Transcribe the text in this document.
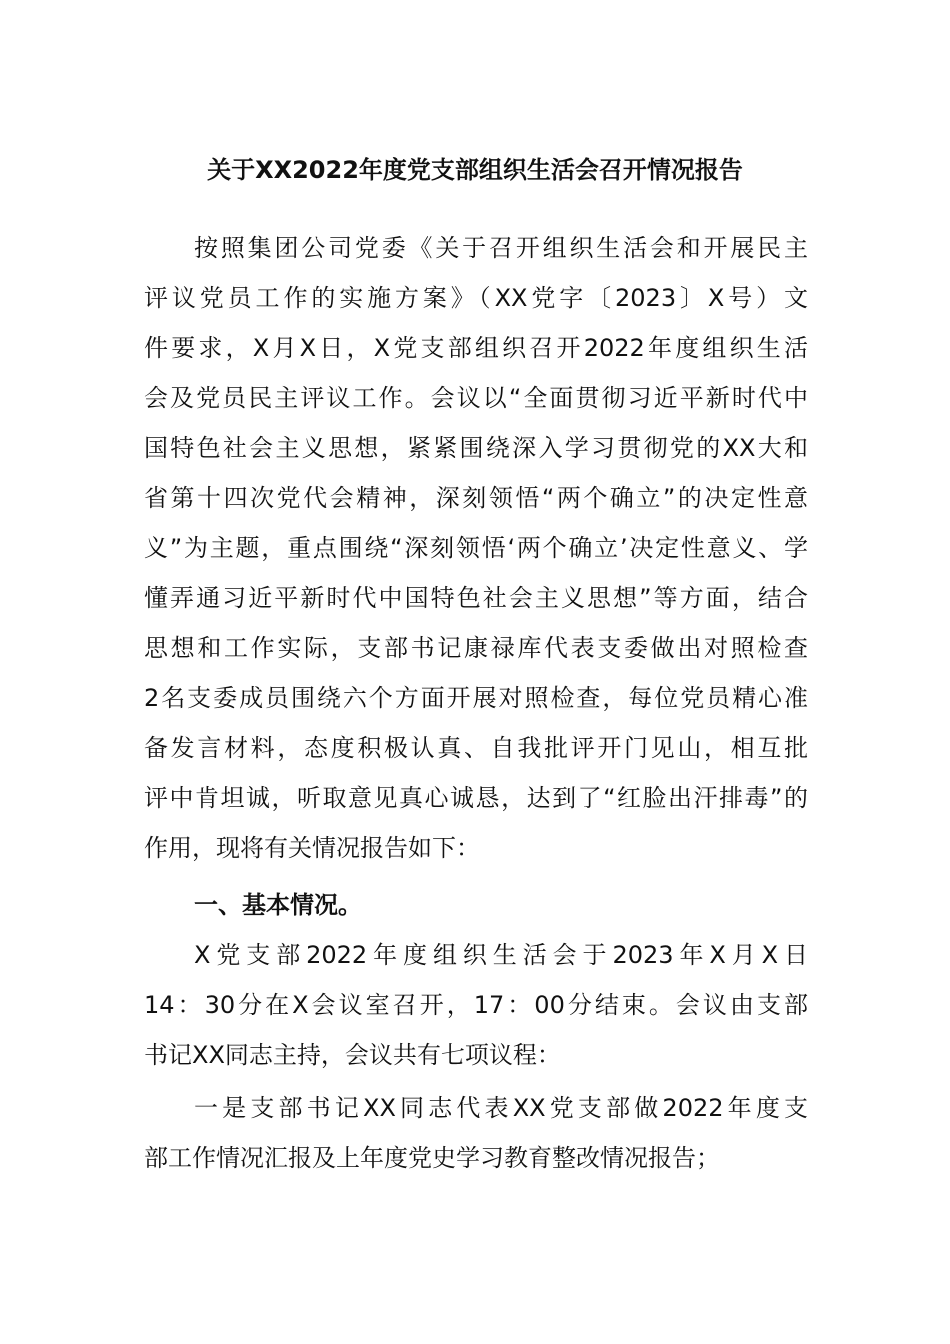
关于XX2022年度党支部组织生活会召开情况报告
按照集团公司党委《关于召开组织生活会和开展民主
评议党员工作的实施方案》（XX党字〔2023〕X号）文
件要求，X月X日，X党支部组织召开2022年度组织生活
会及党员民主评议工作。会议以“全面贯彻习近平新时代中
国特色社会主义思想，紧紧围绕深入学习贯彻党的XX大和
省第十四次党代会精神，深刻领悟“两个确立”的决定性意
义”为主题，重点围绕“深刻领悟‘两个确立’决定性意义、学
懂弄通习近平新时代中国特色社会主义思想”等方面，结合
思想和工作实际，支部书记康禄库代表支委做出对照检查
2名支委成员围绕六个方面开展对照检查，每位党员精心准
备发言材料，态度积极认真、自我批评开门见山，相互批
评中肯坦诚，听取意见真心诚恳，达到了“红脸出汗排毒”的
作用，现将有关情况报告如下：
一、基本情况。
X党支部2022年度组织生活会于2023年X月X日
14：30分在X会议室召开，17：00分结束。会议由支部
书记XX同志主持，会议共有七项议程：
一是支部书记XX同志代表XX党支部做2022年度支
部工作情况汇报及上年度党史学习教育整改情况报告；
